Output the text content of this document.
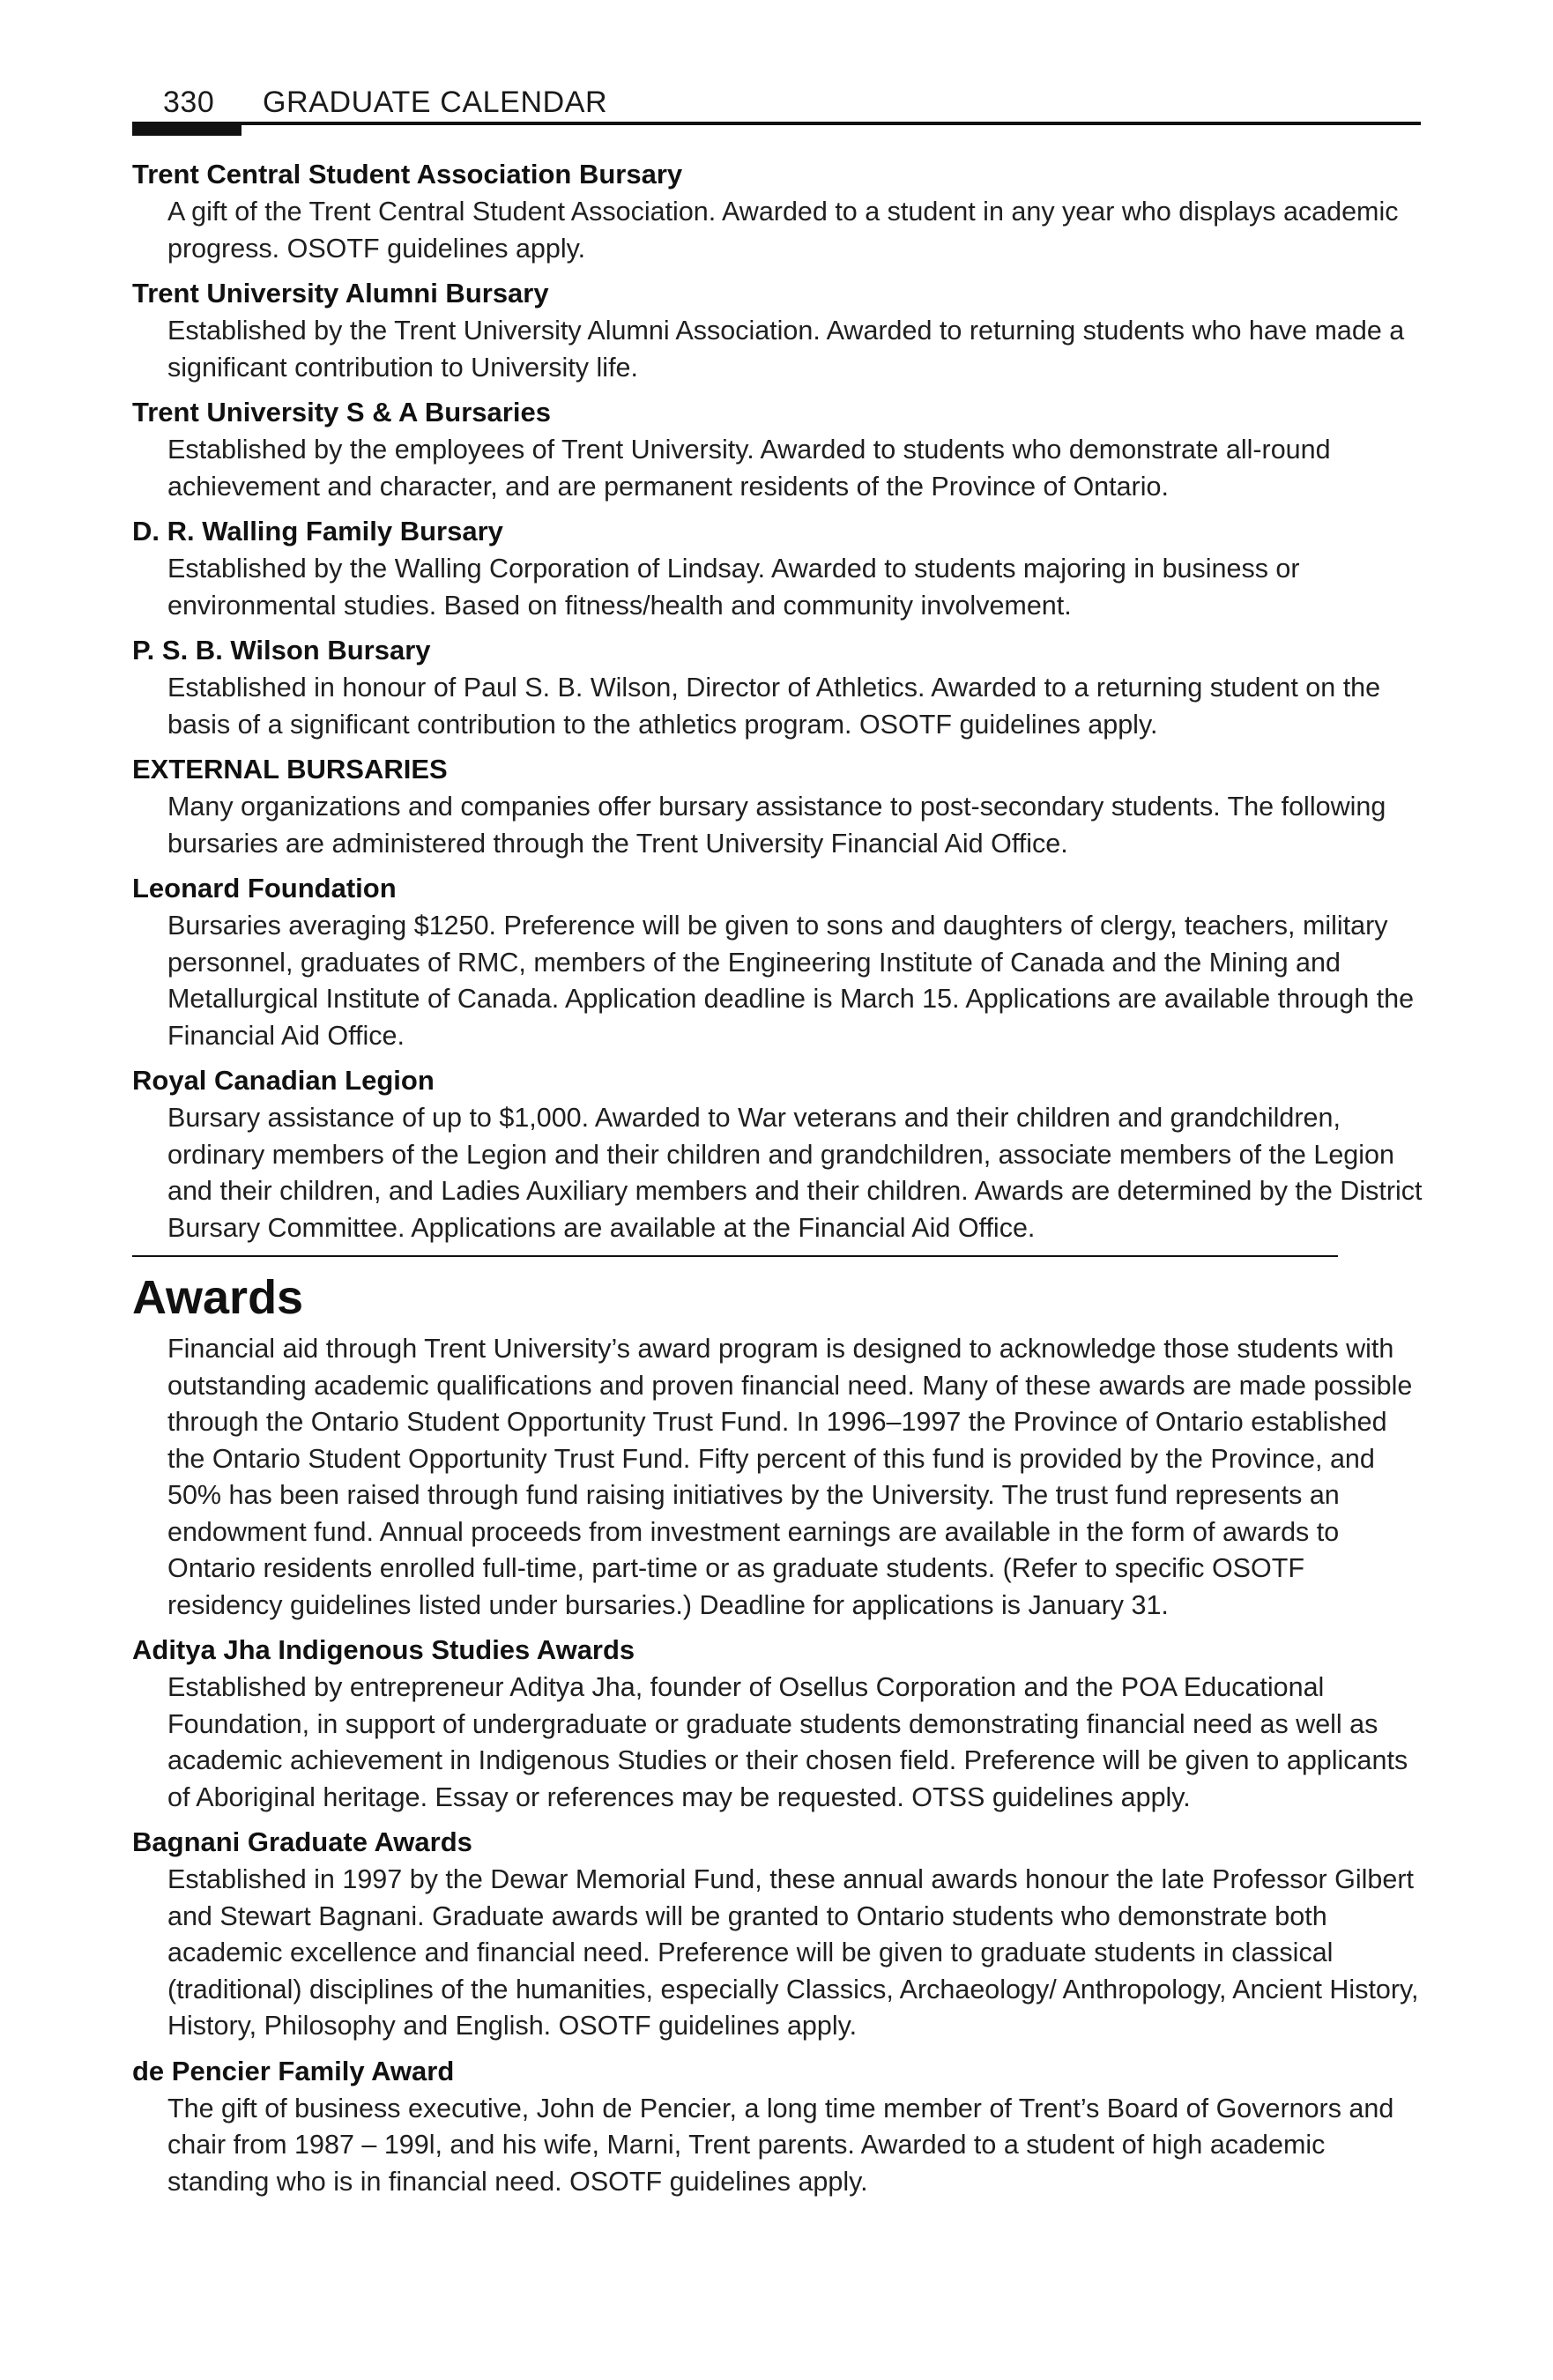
330 GRADUATE CALENDAR
Trent Central Student Association Bursary
A gift of the Trent Central Student Association. Awarded to a student in any year who displays academic progress. OSOTF guidelines apply.
Trent University Alumni Bursary
Established by the Trent University Alumni Association. Awarded to returning students who have made a significant contribution to University life.
Trent University S & A Bursaries
Established by the employees of Trent University. Awarded to students who demonstrate all-round achievement and character, and are permanent residents of the Province of Ontario.
D. R. Walling Family Bursary
Established by the Walling Corporation of Lindsay. Awarded to students majoring in business or environmental studies. Based on fitness/health and community involvement.
P. S. B. Wilson Bursary
Established in honour of Paul S. B. Wilson, Director of Athletics. Awarded to a returning student on the basis of a significant contribution to the athletics program. OSOTF guidelines apply.
EXTERNAL BURSARIES
Many organizations and companies offer bursary assistance to post-secondary students. The following bursaries are administered through the Trent University Financial Aid Office.
Leonard Foundation
Bursaries averaging $1250. Preference will be given to sons and daughters of clergy, teachers, military personnel, graduates of RMC, members of the Engineering Institute of Canada and the Mining and Metallurgical Institute of Canada. Application deadline is March 15. Applications are available through the Financial Aid Office.
Royal Canadian Legion
Bursary assistance of up to $1,000. Awarded to War veterans and their children and grandchildren, ordinary members of the Legion and their children and grandchildren, associate members of the Legion and their children, and Ladies Auxiliary members and their children. Awards are determined by the District Bursary Committee. Applications are available at the Financial Aid Office.
Awards
Financial aid through Trent University’s award program is designed to acknowledge those students with outstanding academic qualifications and proven financial need. Many of these awards are made possible through the Ontario Student Opportunity Trust Fund. In 1996–1997 the Province of Ontario established the Ontario Student Opportunity Trust Fund. Fifty percent of this fund is provided by the Province, and 50% has been raised through fund raising initiatives by the University. The trust fund represents an endowment fund. Annual proceeds from investment earnings are available in the form of awards to Ontario residents enrolled full-time, part-time or as graduate students. (Refer to specific OSOTF residency guidelines listed under bursaries.) Deadline for applications is January 31.
Aditya Jha Indigenous Studies Awards
Established by entrepreneur Aditya Jha, founder of Osellus Corporation and the POA Educational Foundation, in support of undergraduate or graduate students demonstrating financial need as well as academic achievement in Indigenous Studies or their chosen field. Preference will be given to applicants of Aboriginal heritage. Essay or references may be requested. OTSS guidelines apply.
Bagnani Graduate Awards
Established in 1997 by the Dewar Memorial Fund, these annual awards honour the late Professor Gilbert and Stewart Bagnani. Graduate awards will be granted to Ontario students who demonstrate both academic excellence and financial need. Preference will be given to graduate students in classical (traditional) disciplines of the humanities, especially Classics, Archaeology/ Anthropology, Ancient History, History, Philosophy and English. OSOTF guidelines apply.
de Pencier Family Award
The gift of business executive, John de Pencier, a long time member of Trent’s Board of Governors and chair from 1987 – 199l, and his wife, Marni, Trent parents. Awarded to a student of high academic standing who is in financial need. OSOTF guidelines apply.
